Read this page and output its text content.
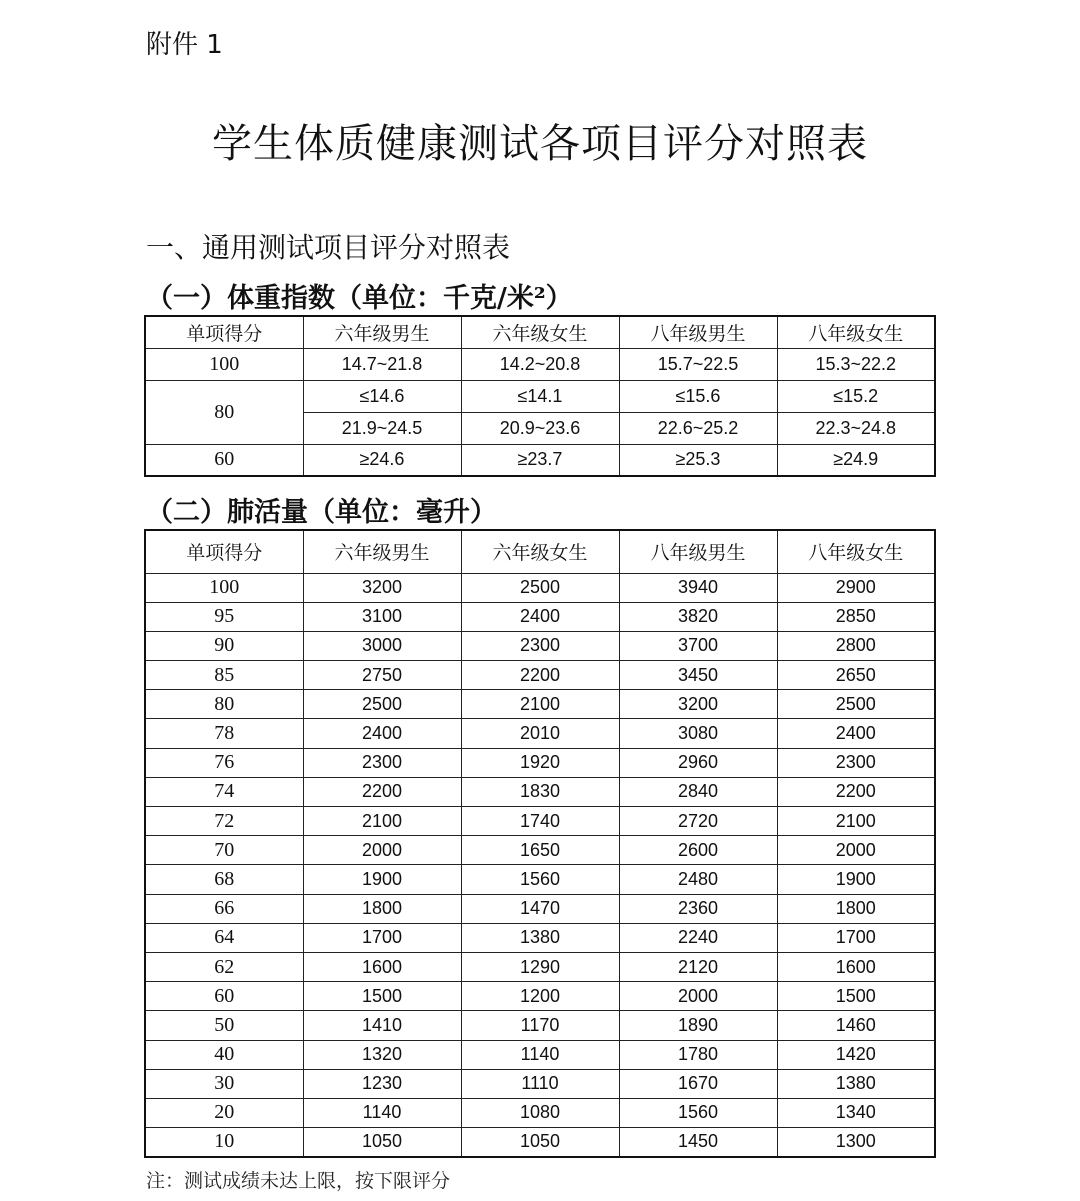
附件 1
学生体质健康测试各项目评分对照表
一、通用测试项目评分对照表
（一）体重指数（单位：千克/米²）
单项得分	六年级男生	六年级女生	八年级男生	八年级女生
100	14.7~21.8	14.2~20.8	15.7~22.5	15.3~22.2
80	≤14.6	≤14.1	≤15.6	≤15.2
	21.9~24.5	20.9~23.6	22.6~25.2	22.3~24.8
60	≥24.6	≥23.7	≥25.3	≥24.9
（二）肺活量（单位：毫升）
单项得分	六年级男生	六年级女生	八年级男生	八年级女生
100	3200	2500	3940	2900
95	3100	2400	3820	2850
90	3000	2300	3700	2800
85	2750	2200	3450	2650
80	2500	2100	3200	2500
78	2400	2010	3080	2400
76	2300	1920	2960	2300
74	2200	1830	2840	2200
72	2100	1740	2720	2100
70	2000	1650	2600	2000
68	1900	1560	2480	1900
66	1800	1470	2360	1800
64	1700	1380	2240	1700
62	1600	1290	2120	1600
60	1500	1200	2000	1500
50	1410	1170	1890	1460
40	1320	1140	1780	1420
30	1230	1110	1670	1380
20	1140	1080	1560	1340
10	1050	1050	1450	1300
注：测试成绩未达上限，按下限评分
